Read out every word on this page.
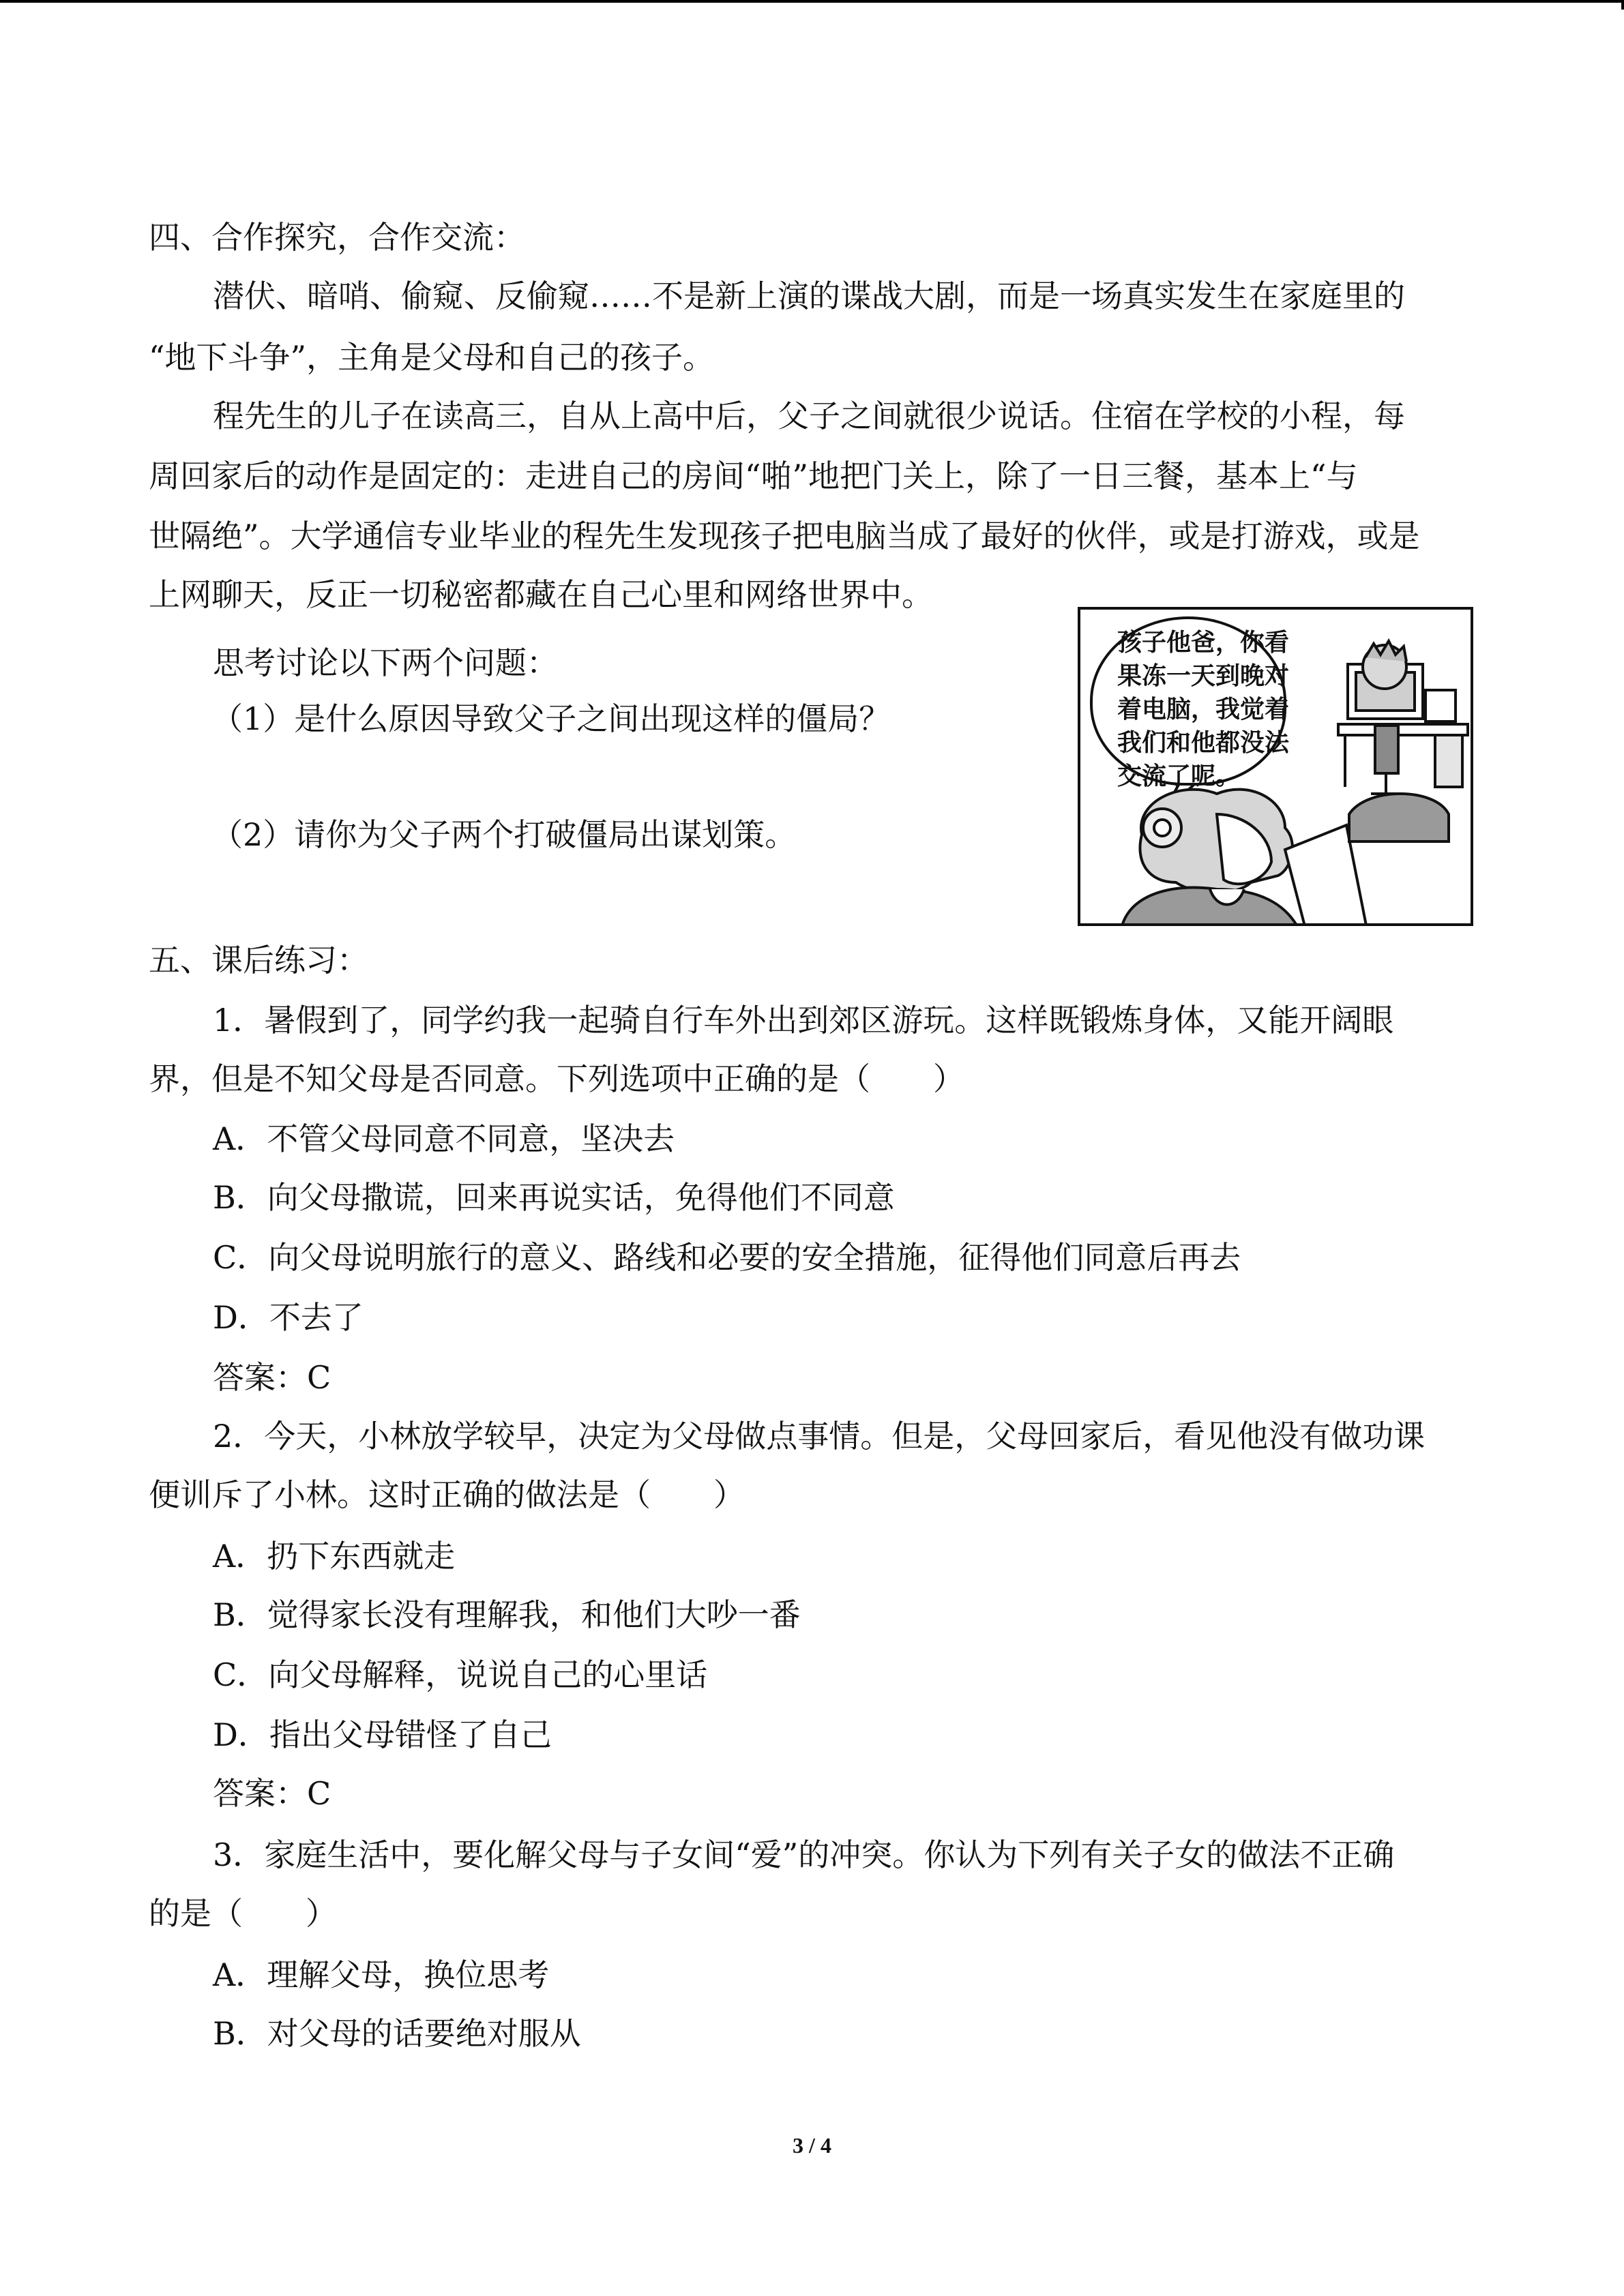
四、合作探究，合作交流：
潜伏、暗哨、偷窥、反偷窥……不是新上演的谍战大剧，而是一场真实发生在家庭里的
“地下斗争”，主角是父母和自己的孩子。
程先生的儿子在读高三，自从上高中后，父子之间就很少说话。住宿在学校的小程，每
周回家后的动作是固定的：走进自己的房间“啪”地把门关上，除了一日三餐，基本上“与
世隔绝”。大学通信专业毕业的程先生发现孩子把电脑当成了最好的伙伴，或是打游戏，或是
上网聊天，反正一切秘密都藏在自己心里和网络世界中。
思考讨论以下两个问题：
（1）是什么原因导致父子之间出现这样的僵局？
（2）请你为父子两个打破僵局出谋划策。
孩子他爸，你看
果冻一天到晚对
着电脑，我觉着
我们和他都没法
交流了呢。
五、课后练习：
1．暑假到了，同学约我一起骑自行车外出到郊区游玩。这样既锻炼身体，又能开阔眼
界，但是不知父母是否同意。下列选项中正确的是（　　）
A．不管父母同意不同意，坚决去
B．向父母撒谎，回来再说实话，免得他们不同意
C．向父母说明旅行的意义、路线和必要的安全措施，征得他们同意后再去
D．不去了
答案：C
2．今天，小林放学较早，决定为父母做点事情。但是，父母回家后，看见他没有做功课
便训斥了小林。这时正确的做法是（　　）
A．扔下东西就走
B．觉得家长没有理解我，和他们大吵一番
C．向父母解释，说说自己的心里话
D．指出父母错怪了自己
答案：C
3．家庭生活中，要化解父母与子女间“爱”的冲突。你认为下列有关子女的做法不正确
的是（　　）
A．理解父母，换位思考
B．对父母的话要绝对服从
3 / 4
